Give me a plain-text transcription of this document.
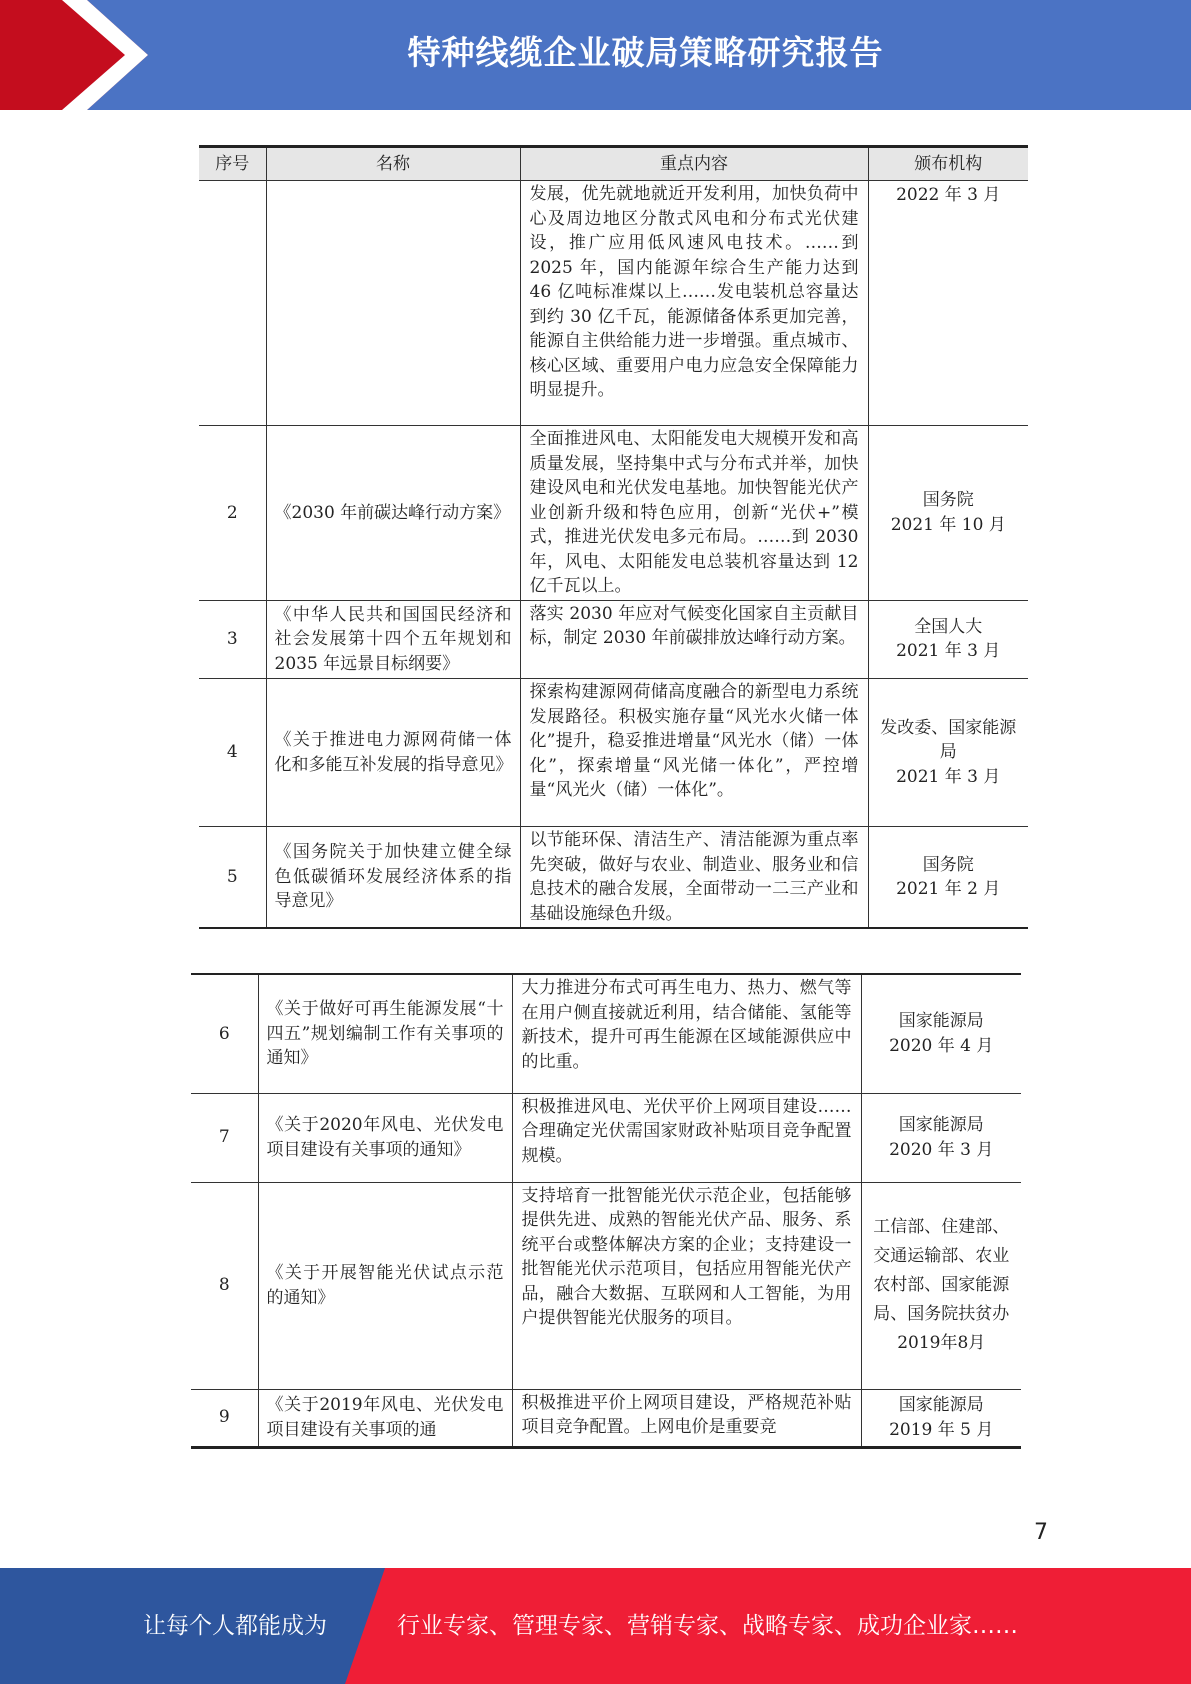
特种线缆企业破局策略研究报告
序号	名称	重点内容	颁布机构
		发展，优先就地就近开发利用，加快负荷中心及周边地区分散式风电和分布式光伏建设，推广应用低风速风电技术。……到 2025 年，国内能源年综合生产能力达到 46 亿吨标准煤以上……发电装机总容量达到约 30 亿千瓦，能源储备体系更加完善，能源自主供给能力进一步增强。重点城市、核心区域、重要用户电力应急安全保障能力明显提升。	2022 年 3 月
2	《2030 年前碳达峰行动方案》	全面推进风电、太阳能发电大规模开发和高质量发展，坚持集中式与分布式并举，加快建设风电和光伏发电基地。加快智能光伏产业创新升级和特色应用，创新“光伏+”模式，推进光伏发电多元布局。……到 2030 年，风电、太阳能发电总装机容量达到 12 亿千瓦以上。	国务院
2021 年 10 月
3	《中华人民共和国国民经济和社会发展第十四个五年规划和 2035 年远景目标纲要》	落实 2030 年应对气候变化国家自主贡献目标，制定 2030 年前碳排放达峰行动方案。	全国人大
2021 年 3 月
4	《关于推进电力源网荷储一体化和多能互补发展的指导意见》	探索构建源网荷储高度融合的新型电力系统发展路径。积极实施存量“风光水火储一体化”提升，稳妥推进增量“风光水（储）一体化”，探索增量“风光储一体化”，严控增量“风光火（储）一体化”。	发改委、国家能源局
2021 年 3 月
5	《国务院关于加快建立健全绿色低碳循环发展经济体系的指导意见》	以节能环保、清洁生产、清洁能源为重点率先突破，做好与农业、制造业、服务业和信息技术的融合发展，全面带动一二三产业和基础设施绿色升级。	国务院
2021 年 2 月
6	《关于做好可再生能源发展“十四五”规划编制工作有关事项的通知》	大力推进分布式可再生电力、热力、燃气等在用户侧直接就近利用，结合储能、氢能等新技术，提升可再生能源在区域能源供应中的比重。	国家能源局
2020 年 4 月
7	《关于2020年风电、光伏发电项目建设有关事项的通知》	积极推进风电、光伏平价上网项目建设……合理确定光伏需国家财政补贴项目竞争配置规模。	国家能源局
2020 年 3 月
8	《关于开展智能光伏试点示范的通知》	支持培育一批智能光伏示范企业，包括能够提供先进、成熟的智能光伏产品、服务、系统平台或整体解决方案的企业；支持建设一批智能光伏示范项目，包括应用智能光伏产品，融合大数据、互联网和人工智能，为用户提供智能光伏服务的项目。	工信部、住建部、交通运输部、农业农村部、国家能源局、国务院扶贫办
2019年8月
9	《关于2019年风电、光伏发电项目建设有关事项的通	积极推进平价上网项目建设，严格规范补贴项目竞争配置。上网电价是重要竞	国家能源局
2019 年 5 月
7
让每个人都能成为	行业专家、管理专家、营销专家、战略专家、成功企业家……
